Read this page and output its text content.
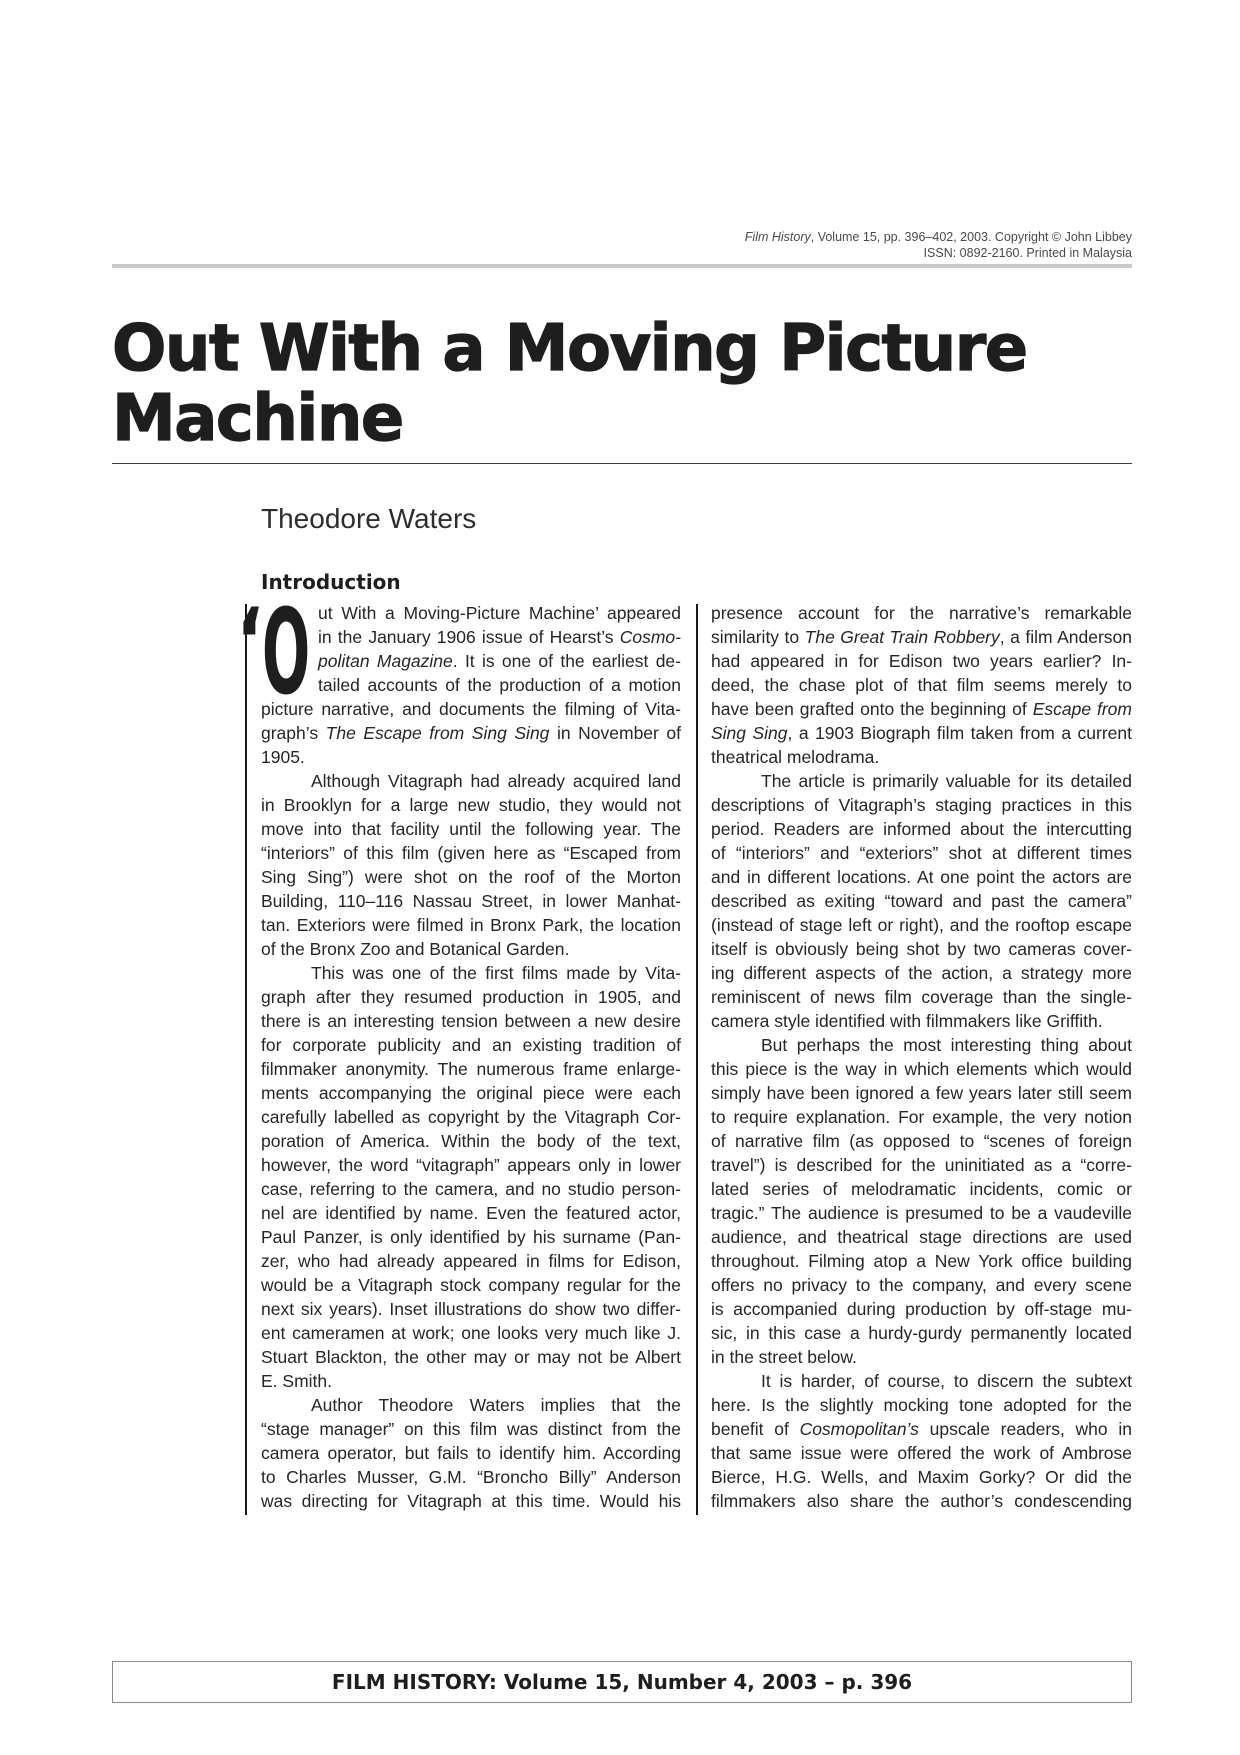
Film History, Volume 15, pp. 396–402, 2003. Copyright © John Libbey
ISSN: 0892-2160. Printed in Malaysia
Out With a Moving Picture
Machine
Theodore Waters
Introduction
‘
O ut With a Moving-Picture Machine’ appeared
in the January 1906 issue of Hearst’s Cosmo-
politan Magazine. It is one of the earliest de-
tailed accounts of the production of a motion
picture narrative, and documents the filming of Vita-
graph’s The Escape from Sing Sing in November of
1905.
Although Vitagraph had already acquired land
in Brooklyn for a large new studio, they would not
move into that facility until the following year. The
“interiors” of this film (given here as “Escaped from
Sing Sing”) were shot on the roof of the Morton
Building, 110–116 Nassau Street, in lower Manhat-
tan. Exteriors were filmed in Bronx Park, the location
of the Bronx Zoo and Botanical Garden.
This was one of the first films made by Vita-
graph after they resumed production in 1905, and
there is an interesting tension between a new desire
for corporate publicity and an existing tradition of
filmmaker anonymity. The numerous frame enlarge-
ments accompanying the original piece were each
carefully labelled as copyright by the Vitagraph Cor-
poration of America. Within the body of the text,
however, the word “vitagraph” appears only in lower
case, referring to the camera, and no studio person-
nel are identified by name. Even the featured actor,
Paul Panzer, is only identified by his surname (Pan-
zer, who had already appeared in films for Edison,
would be a Vitagraph stock company regular for the
next six years). Inset illustrations do show two differ-
ent cameramen at work; one looks very much like J.
Stuart Blackton, the other may or may not be Albert
E. Smith.
Author Theodore Waters implies that the
“stage manager” on this film was distinct from the
camera operator, but fails to identify him. According
to Charles Musser, G.M. “Broncho Billy” Anderson
was directing for Vitagraph at this time. Would his
presence account for the narrative’s remarkable
similarity to The Great Train Robbery, a film Anderson
had appeared in for Edison two years earlier? In-
deed, the chase plot of that film seems merely to
have been grafted onto the beginning of Escape from
Sing Sing, a 1903 Biograph film taken from a current
theatrical melodrama.
The article is primarily valuable for its detailed
descriptions of Vitagraph’s staging practices in this
period. Readers are informed about the intercutting
of “interiors” and “exteriors” shot at different times
and in different locations. At one point the actors are
described as exiting “toward and past the camera”
(instead of stage left or right), and the rooftop escape
itself is obviously being shot by two cameras cover-
ing different aspects of the action, a strategy more
reminiscent of news film coverage than the single-
camera style identified with filmmakers like Griffith.
But perhaps the most interesting thing about
this piece is the way in which elements which would
simply have been ignored a few years later still seem
to require explanation. For example, the very notion
of narrative film (as opposed to “scenes of foreign
travel”) is described for the uninitiated as a “corre-
lated series of melodramatic incidents, comic or
tragic.” The audience is presumed to be a vaudeville
audience, and theatrical stage directions are used
throughout. Filming atop a New York office building
offers no privacy to the company, and every scene
is accompanied during production by off-stage mu-
sic, in this case a hurdy-gurdy permanently located
in the street below.
It is harder, of course, to discern the subtext
here. Is the slightly mocking tone adopted for the
benefit of Cosmopolitan’s upscale readers, who in
that same issue were offered the work of Ambrose
Bierce, H.G. Wells, and Maxim Gorky? Or did the
filmmakers also share the author’s condescending
FILM HISTORY: Volume 15, Number 4, 2003 – p. 396
